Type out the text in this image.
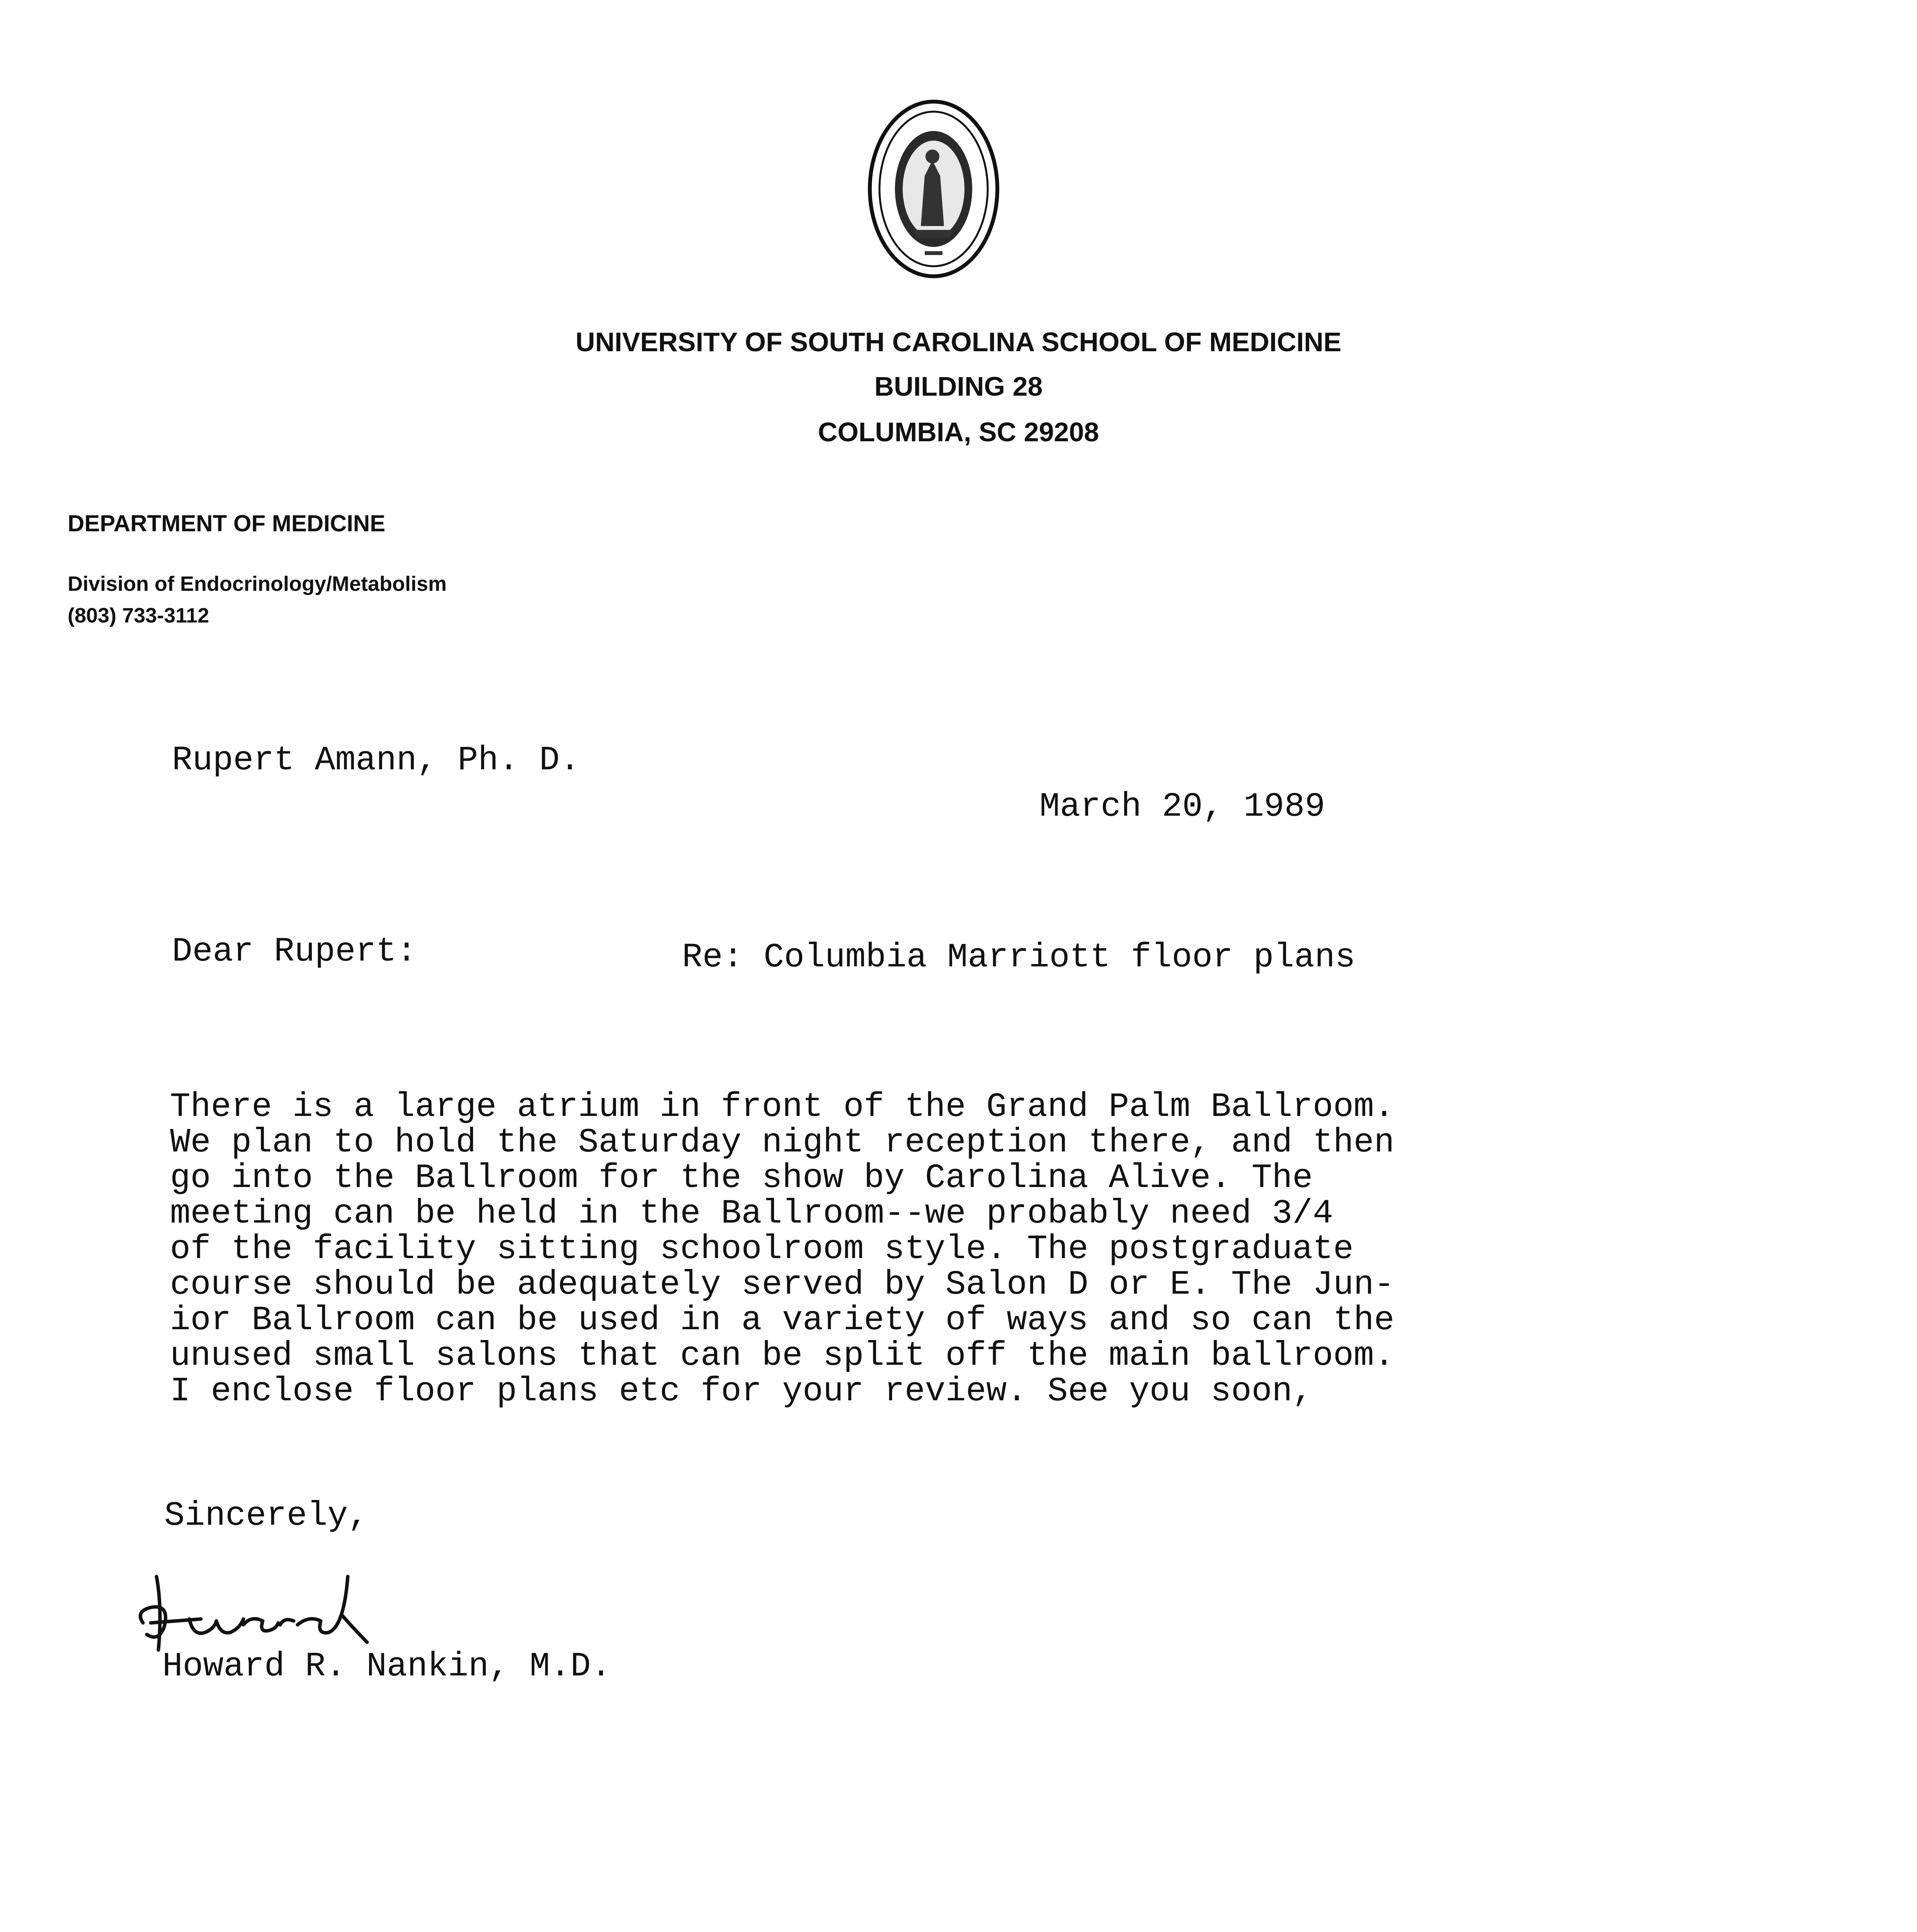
UNIVERSITY OF SOUTH CAROLINA SCHOOL OF MEDICINE
BUILDING 28
COLUMBIA, SC 29208
DEPARTMENT OF MEDICINE
Division of Endocrinology/Metabolism
(803) 733-3112
Rupert Amann, Ph. D.
March 20, 1989
Dear Rupert:	Re: Columbia Marriott floor plans
There is a large atrium in front of the Grand Palm Ballroom.
We plan to hold the Saturday night reception there, and then
go into the Ballroom for the show by Carolina Alive. The
meeting can be held in the Ballroom--we probably need 3/4
of the facility sitting schoolroom style. The postgraduate
course should be adequately served by Salon D or E. The Jun-
ior Ballroom can be used in a variety of ways and so can the
unused small salons that can be split off the main ballroom.
I enclose floor plans etc for your review. See you soon,
Sincerely,
Howard R. Nankin, M.D.
